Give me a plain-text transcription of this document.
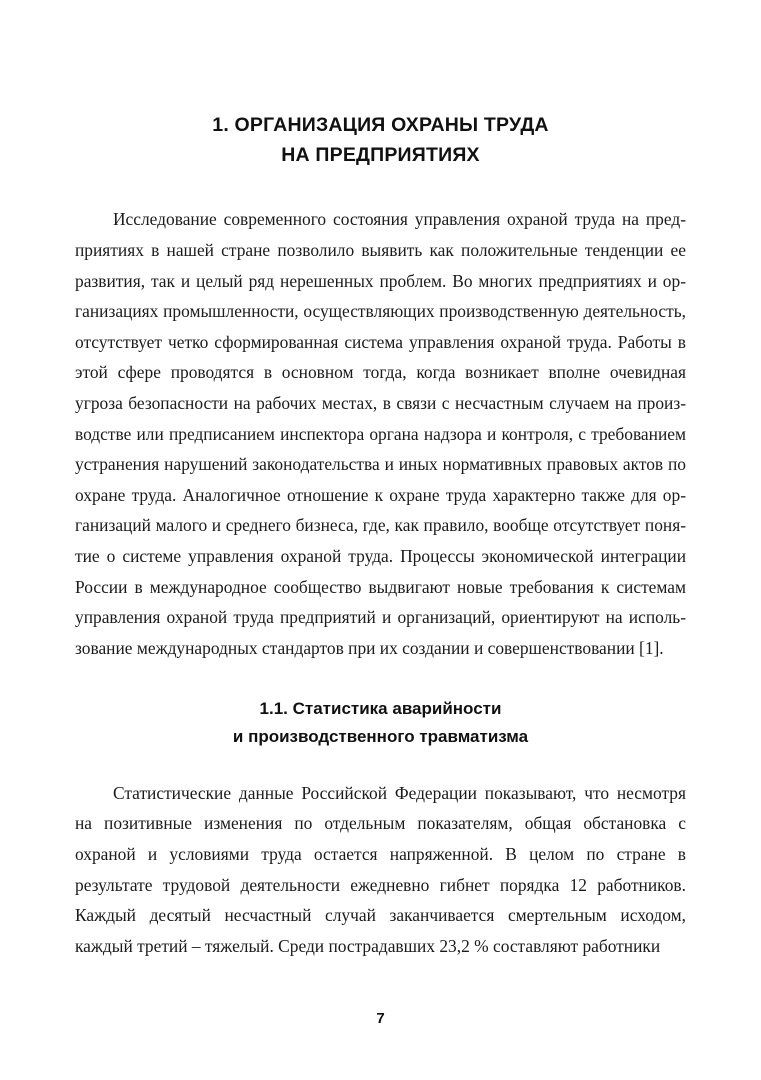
1. ОРГАНИЗАЦИЯ ОХРАНЫ ТРУДА
НА ПРЕДПРИЯТИЯХ

Исследование современного состояния управления охраной труда на предприятиях в нашей стране позволило выявить как положительные тенденции ее развития, так и целый ряд нерешенных проблем. Во многих предприятиях и организациях промышленности, осуществляющих производственную деятельность, отсутствует четко сформированная система управления охраной труда. Работы в этой сфере проводятся в основном тогда, когда возникает вполне очевидная угроза безопасности на рабочих местах, в связи с несчастным случаем на производстве или предписанием инспектора органа надзора и контроля, с требованием устранения нарушений законодательства и иных нормативных правовых актов по охране труда. Аналогичное отношение к охране труда характерно также для организаций малого и среднего бизнеса, где, как правило, вообще отсутствует понятие о системе управления охраной труда. Процессы экономической интеграции России в международное сообщество выдвигают новые требования к системам управления охраной труда предприятий и организаций, ориентируют на использование международных стандартов при их создании и совершенствовании [1].

1.1. Статистика аварийности
и производственного травматизма

Статистические данные Российской Федерации показывают, что несмотря на позитивные изменения по отдельным показателям, общая обстановка с охраной и условиями труда остается напряженной. В целом по стране в результате трудовой деятельности ежедневно гибнет порядка 12 работников. Каждый десятый несчастный случай заканчивается смертельным исходом, каждый третий – тяжелый. Среди пострадавших 23,2 % составляют работники

7
